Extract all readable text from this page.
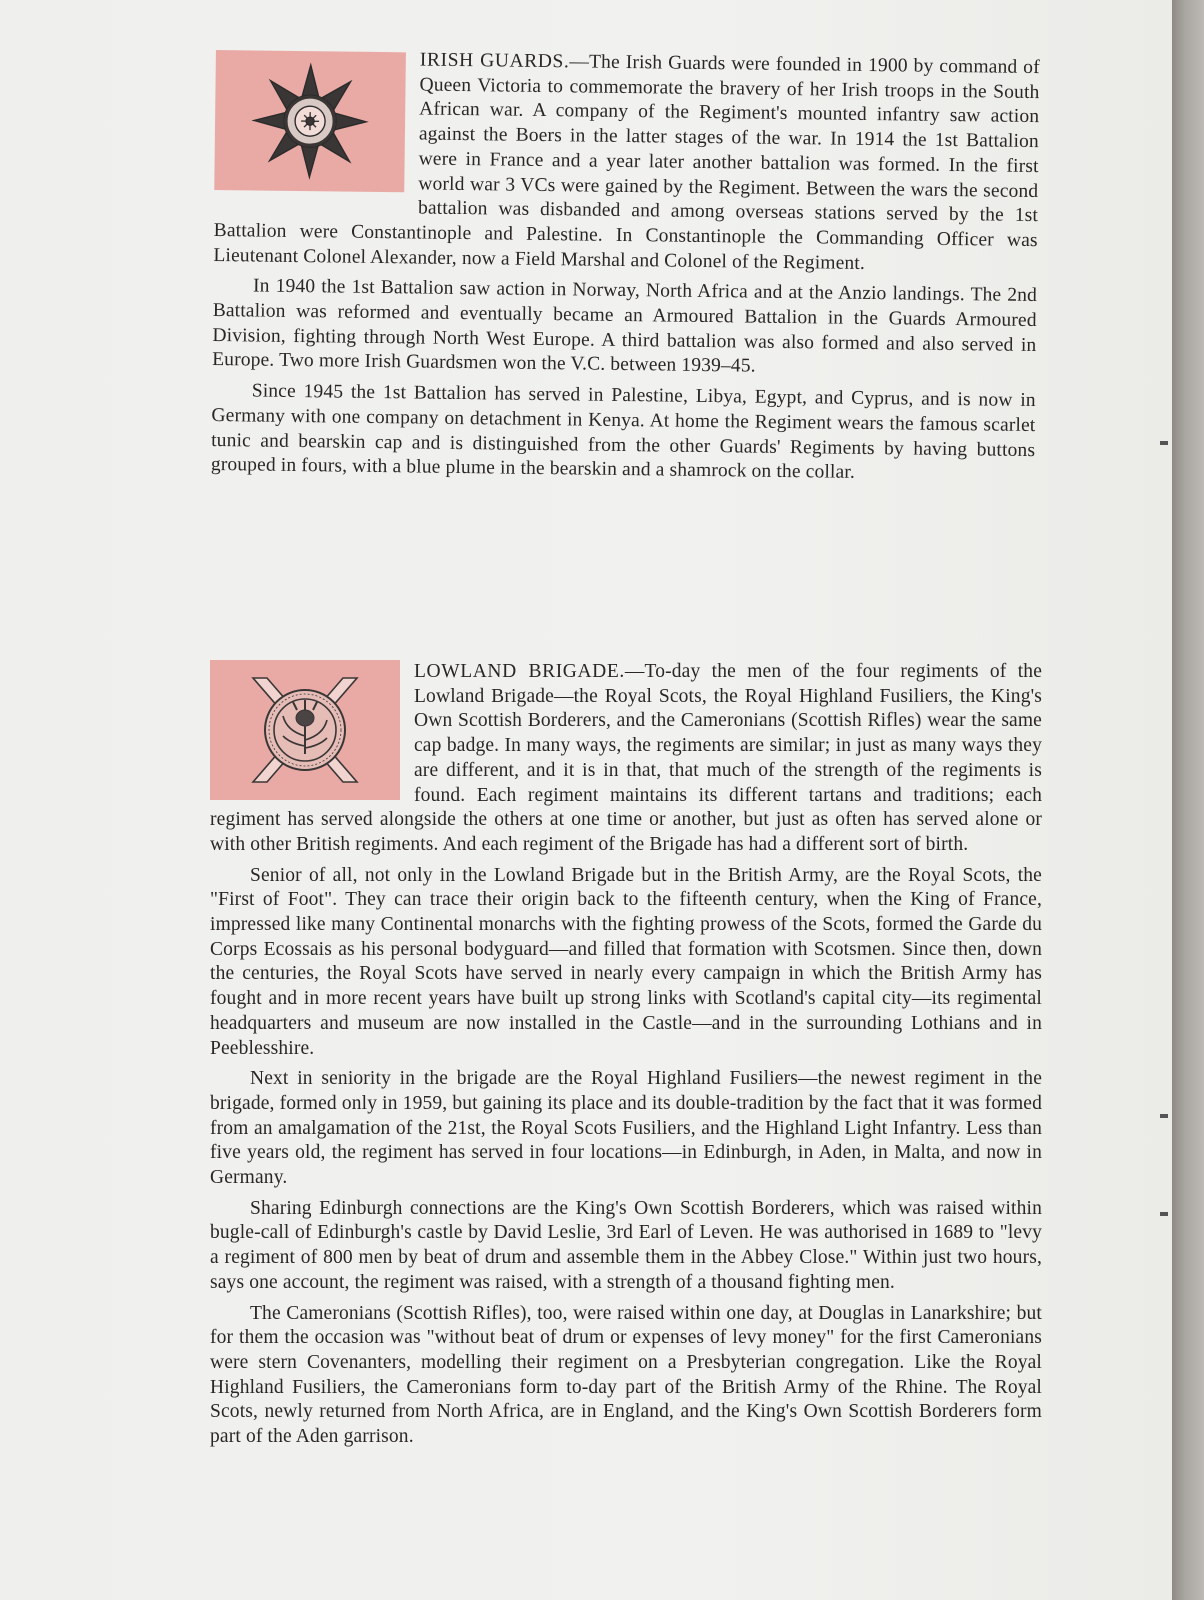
IRISH GUARDS.—The Irish Guards were founded in 1900 by command of Queen Victoria to commemorate the bravery of her Irish troops in the South African war. A company of the Regiment's mounted infantry saw action against the Boers in the latter stages of the war. In 1914 the 1st Battalion were in France and a year later another battalion was formed. In the first world war 3 VCs were gained by the Regiment. Between the wars the second battalion was disbanded and among overseas stations served by the 1st Battalion were Constantinople and Palestine. In Constantinople the Commanding Officer was Lieutenant Colonel Alexander, now a Field Marshal and Colonel of the Regiment.

In 1940 the 1st Battalion saw action in Norway, North Africa and at the Anzio landings. The 2nd Battalion was reformed and eventually became an Armoured Battalion in the Guards Armoured Division, fighting through North West Europe. A third battalion was also formed and also served in Europe. Two more Irish Guardsmen won the V.C. between 1939–45.

Since 1945 the 1st Battalion has served in Palestine, Libya, Egypt, and Cyprus, and is now in Germany with one company on detachment in Kenya. At home the Regiment wears the famous scarlet tunic and bearskin cap and is distinguished from the other Guards' Regiments by having buttons grouped in fours, with a blue plume in the bearskin and a shamrock on the collar.

LOWLAND BRIGADE.—To-day the men of the four regiments of the Lowland Brigade—the Royal Scots, the Royal Highland Fusiliers, the King's Own Scottish Borderers, and the Cameronians (Scottish Rifles) wear the same cap badge. In many ways, the regiments are similar; in just as many ways they are different, and it is in that, that much of the strength of the regiments is found. Each regiment maintains its different tartans and traditions; each regiment has served alongside the others at one time or another, but just as often has served alone or with other British regiments. And each regiment of the Brigade has had a different sort of birth.

Senior of all, not only in the Lowland Brigade but in the British Army, are the Royal Scots, the "First of Foot". They can trace their origin back to the fifteenth century, when the King of France, impressed like many Continental monarchs with the fighting prowess of the Scots, formed the Garde du Corps Ecossais as his personal bodyguard—and filled that formation with Scotsmen. Since then, down the centuries, the Royal Scots have served in nearly every campaign in which the British Army has fought and in more recent years have built up strong links with Scotland's capital city—its regimental headquarters and museum are now installed in the Castle—and in the surrounding Lothians and in Peeblesshire.

Next in seniority in the brigade are the Royal Highland Fusiliers—the newest regiment in the brigade, formed only in 1959, but gaining its place and its double-tradition by the fact that it was formed from an amalgamation of the 21st, the Royal Scots Fusiliers, and the Highland Light Infantry. Less than five years old, the regiment has served in four locations—in Edinburgh, in Aden, in Malta, and now in Germany.

Sharing Edinburgh connections are the King's Own Scottish Borderers, which was raised within bugle-call of Edinburgh's castle by David Leslie, 3rd Earl of Leven. He was authorised in 1689 to "levy a regiment of 800 men by beat of drum and assemble them in the Abbey Close." Within just two hours, says one account, the regiment was raised, with a strength of a thousand fighting men.

The Cameronians (Scottish Rifles), too, were raised within one day, at Douglas in Lanarkshire; but for them the occasion was "without beat of drum or expenses of levy money" for the first Cameronians were stern Covenanters, modelling their regiment on a Presbyterian congregation. Like the Royal Highland Fusiliers, the Cameronians form to-day part of the British Army of the Rhine. The Royal Scots, newly returned from North Africa, are in England, and the King's Own Scottish Borderers form part of the Aden garrison.
